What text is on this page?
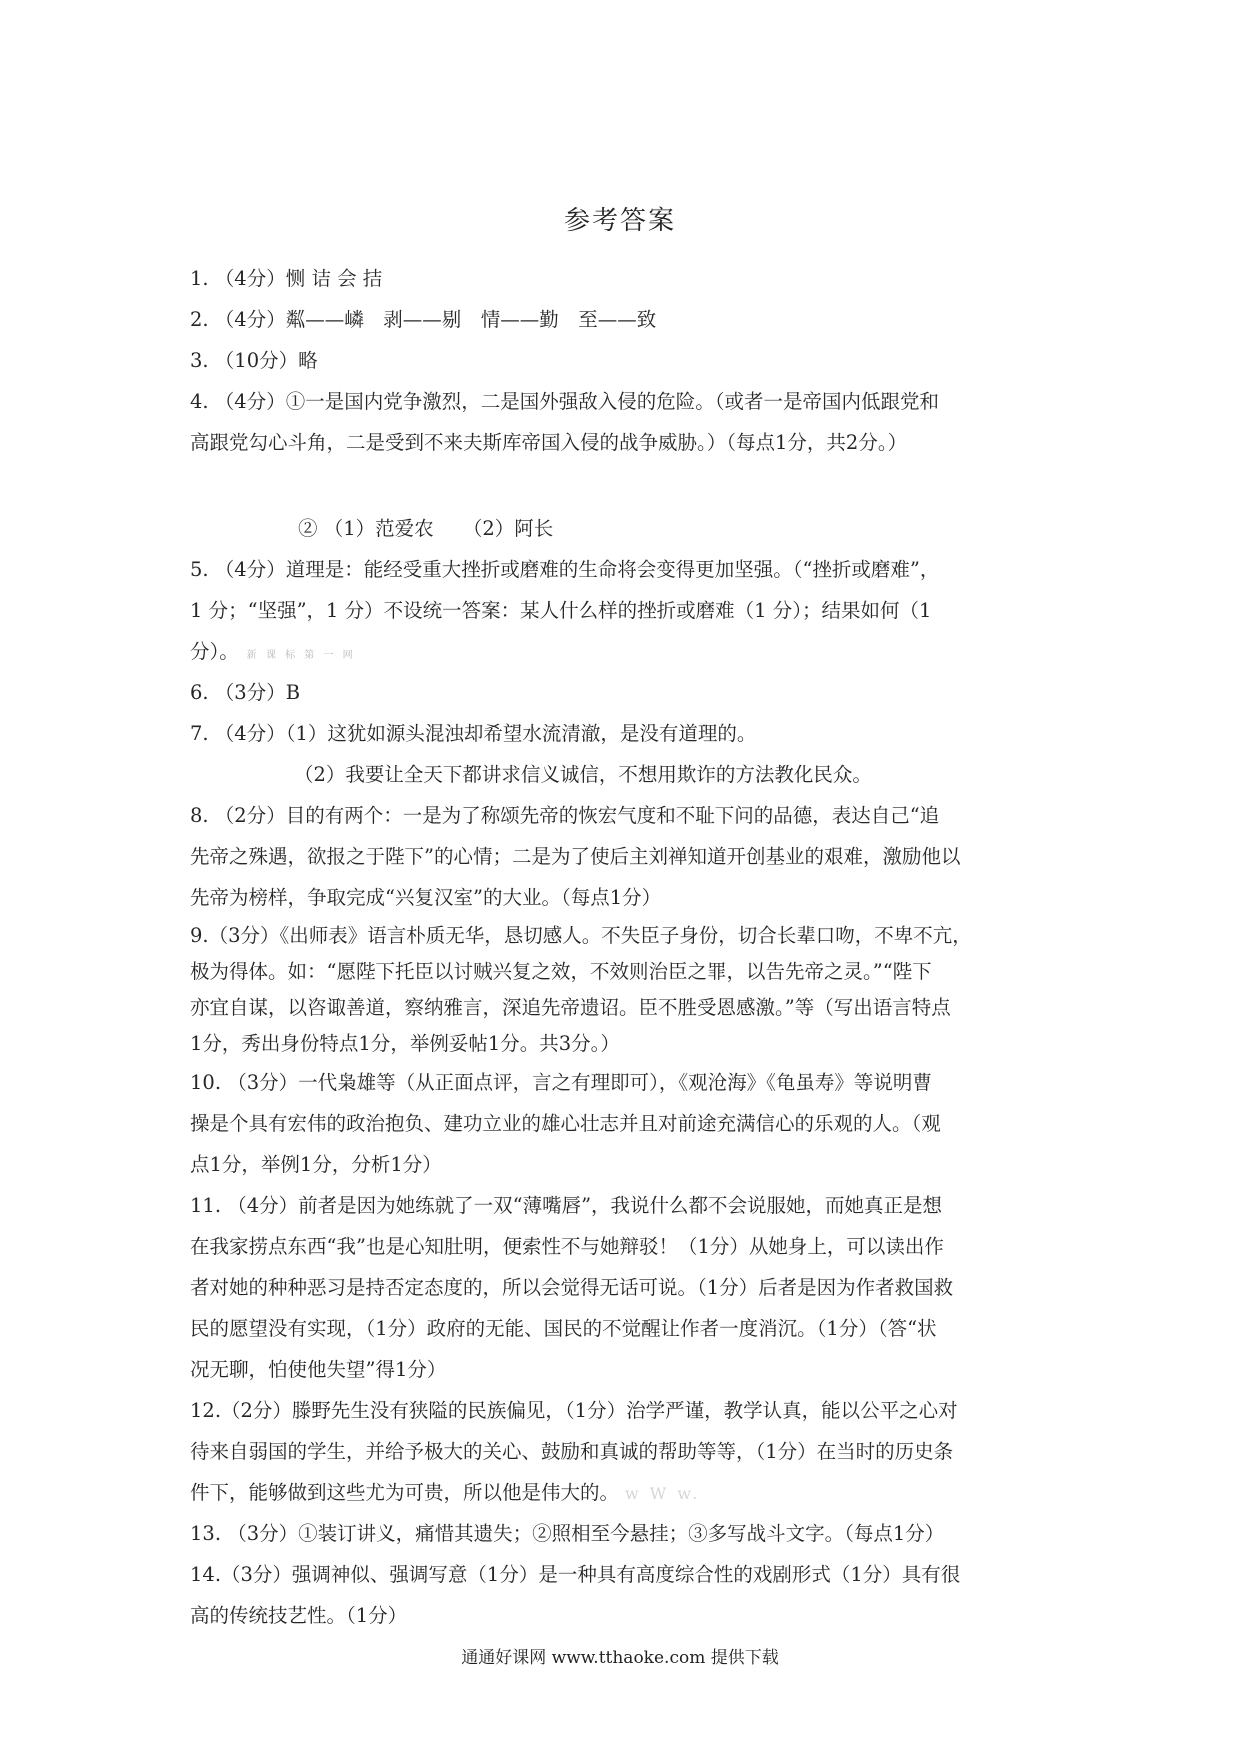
参考答案
1. （4分）恻 诘 会 拮
2. （4分）粼——嶙　剥——剔　情——勤　至——致
3. （10分）略
4. （4分）①一是国内党争激烈，二是国外强敌入侵的危险。（或者一是帝国内低跟党和
高跟党勾心斗角，二是受到不来夫斯库帝国入侵的战争威胁。）（每点1分，共2分。）
② （1）范爱农　　（2）阿长
5. （4分）道理是：能经受重大挫折或磨难的生命将会变得更加坚强。（“挫折或磨难”，
1 分；“坚强”，1 分）不设统一答案：某人什么样的挫折或磨难（1 分）；结果如何（1
分）。 新 课 标 第 一 网
6. （3分）B
7. （4分）（1）这犹如源头混浊却希望水流清澈，是没有道理的。
（2）我要让全天下都讲求信义诚信，不想用欺诈的方法教化民众。
8. （2分）目的有两个：一是为了称颂先帝的恢宏气度和不耻下问的品德，表达自己“追
先帝之殊遇，欲报之于陛下”的心情；二是为了使后主刘禅知道开创基业的艰难，激励他以
先帝为榜样，争取完成“兴复汉室”的大业。（每点1分）
9.（3分）《出师表》语言朴质无华，恳切感人。不失臣子身份，切合长辈口吻，不卑不亢，
极为得体。如：“愿陛下托臣以讨贼兴复之效，不效则治臣之罪，以告先帝之灵。”“陛下
亦宜自谋，以咨诹善道，察纳雅言，深追先帝遗诏。臣不胜受恩感激。”等（写出语言特点
1分，秀出身份特点1分，举例妥帖1分。共3分。）
10. （3分）一代枭雄等（从正面点评，言之有理即可），《观沧海》《龟虽寿》等说明曹
操是个具有宏伟的政治抱负、建功立业的雄心壮志并且对前途充满信心的乐观的人。（观
点1分，举例1分，分析1分）
11. （4分）前者是因为她练就了一双“薄嘴唇”，我说什么都不会说服她，而她真正是想
在我家捞点东西“我”也是心知肚明，便索性不与她辩驳！（1分）从她身上，可以读出作
者对她的种种恶习是持否定态度的，所以会觉得无话可说。（1分）后者是因为作者救国救
民的愿望没有实现，（1分）政府的无能、国民的不觉醒让作者一度消沉。（1分）（答“状
况无聊，怕使他失望”得1分）
12.（2分）滕野先生没有狭隘的民族偏见，（1分）治学严谨，教学认真，能以公平之心对
待来自弱国的学生，并给予极大的关心、鼓励和真诚的帮助等等，（1分）在当时的历史条
件下，能够做到这些尤为可贵，所以他是伟大的。 w W w.
13. （3分）①装订讲义，痛惜其遗失；②照相至今悬挂；③多写战斗文字。（每点1分）
14.（3分）强调神似、强调写意（1分）是一种具有高度综合性的戏剧形式（1分）具有很
高的传统技艺性。（1分）
通通好课网 www.tthaoke.com 提供下载
